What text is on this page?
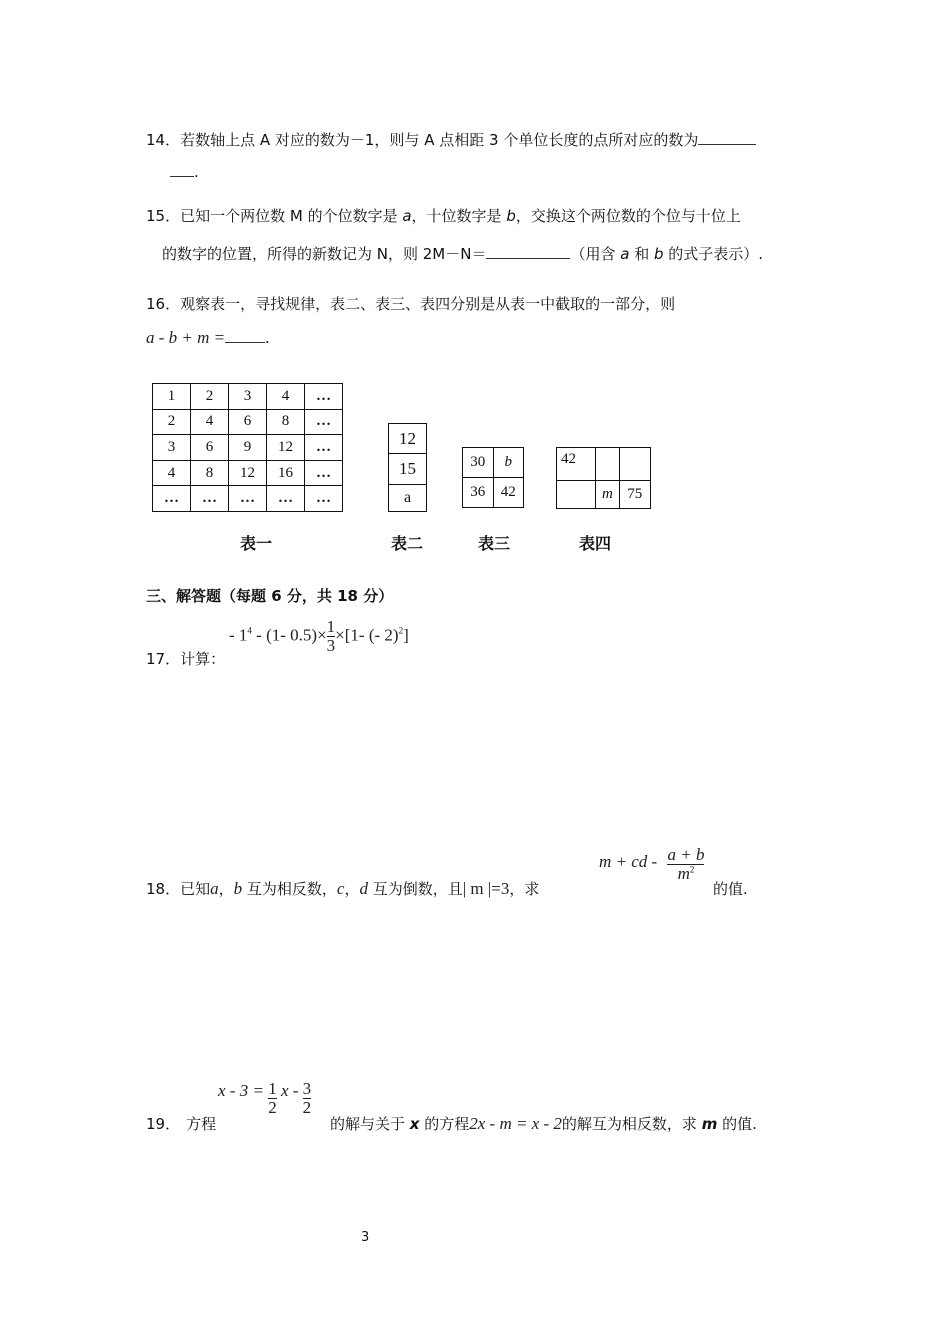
14．若数轴上点 A 对应的数为－1，则与 A 点相距 3 个单位长度的点所对应的数为
.
15．已知一个两位数 M 的个位数字是 a，十位数字是 b，交换这个两位数的个位与十位上
的数字的位置，所得的新数记为 N，则 2M－N＝	（用含 a 和 b 的式子表示）.
16．观察表一，寻找规律，表二、表三、表四分别是从表一中截取的一部分，则
a - b + m = .
1	2	3	4	…
2	4	6	8	…
3	6	9	12	…
4	8	12	16	…
…	…	…	…	…
表一
12
15
a
表二
30	b
36	42
表三
42		
	m	75
表四
三、解答题（每题 6 分，共 18 分）
- $1^4 - (1-$ $0.5)\times \frac{1}{3} \times[1-$ (- 2)$^2$]
17．计算：
18．已知a，b 互为相反数，c，d 互为倒数，且| m |=3，求
m + cd - $\frac{a + b}{m^2}$
的值.
$x - 3 = \frac{1}{2}$ x - $\frac{3}{2}$
19． 方程	的解与关于 x 的方程2x - m = x - 2的解互为相反数，求 m 的值.
3
